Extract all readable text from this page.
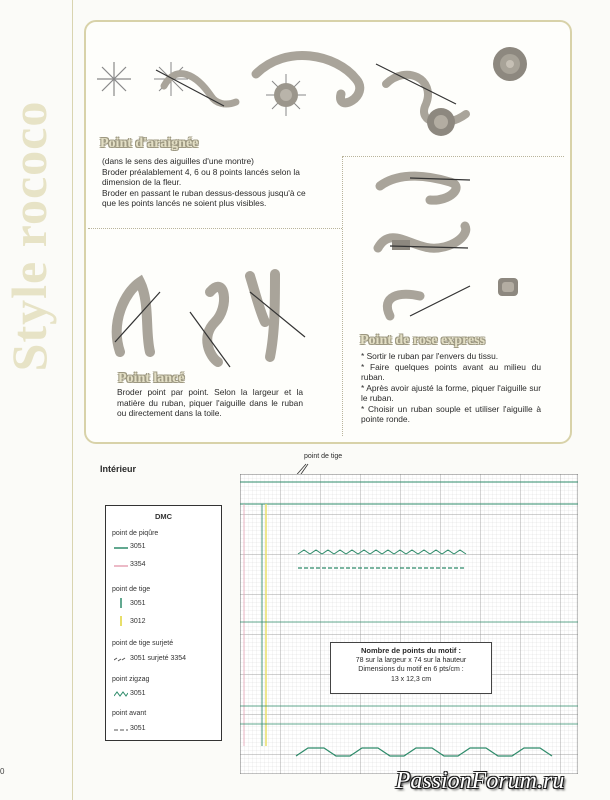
Style rococo	Point d'araignée
(dans le sens des aiguilles d'une montre)
Broder préalablement 4, 6 ou 8 points lancés selon la dimension de la fleur.
Broder en passant le ruban dessus-dessous jusqu'à ce que les points lancés ne soient plus visibles.
Point de rose express
* Sortir le ruban par l'envers du tissu.
* Faire quelques points avant au milieu du ruban.
* Après avoir ajusté la forme, piquer l'aiguille sur le ruban.
* Choisir un ruban souple et utiliser l'aiguille à pointe ronde.
Point lancé
Broder point par point. Selon la largeur et la matière du ruban, piquer l'aiguille dans le ruban ou directement dans la toile.
Intérieur
point de tige
DMC
point de piqûre
3051
3354
point de tige
3051
3012
point de tige surjeté
3051 surjeté 3354
point zigzag
3051
point avant
3051
Nombre de points du motif :
78 sur la largeur x 74 sur la hauteur
Dimensions du motif en 6 pts/cm :
13 x 12,3 cm
0	PassionForum.ru
